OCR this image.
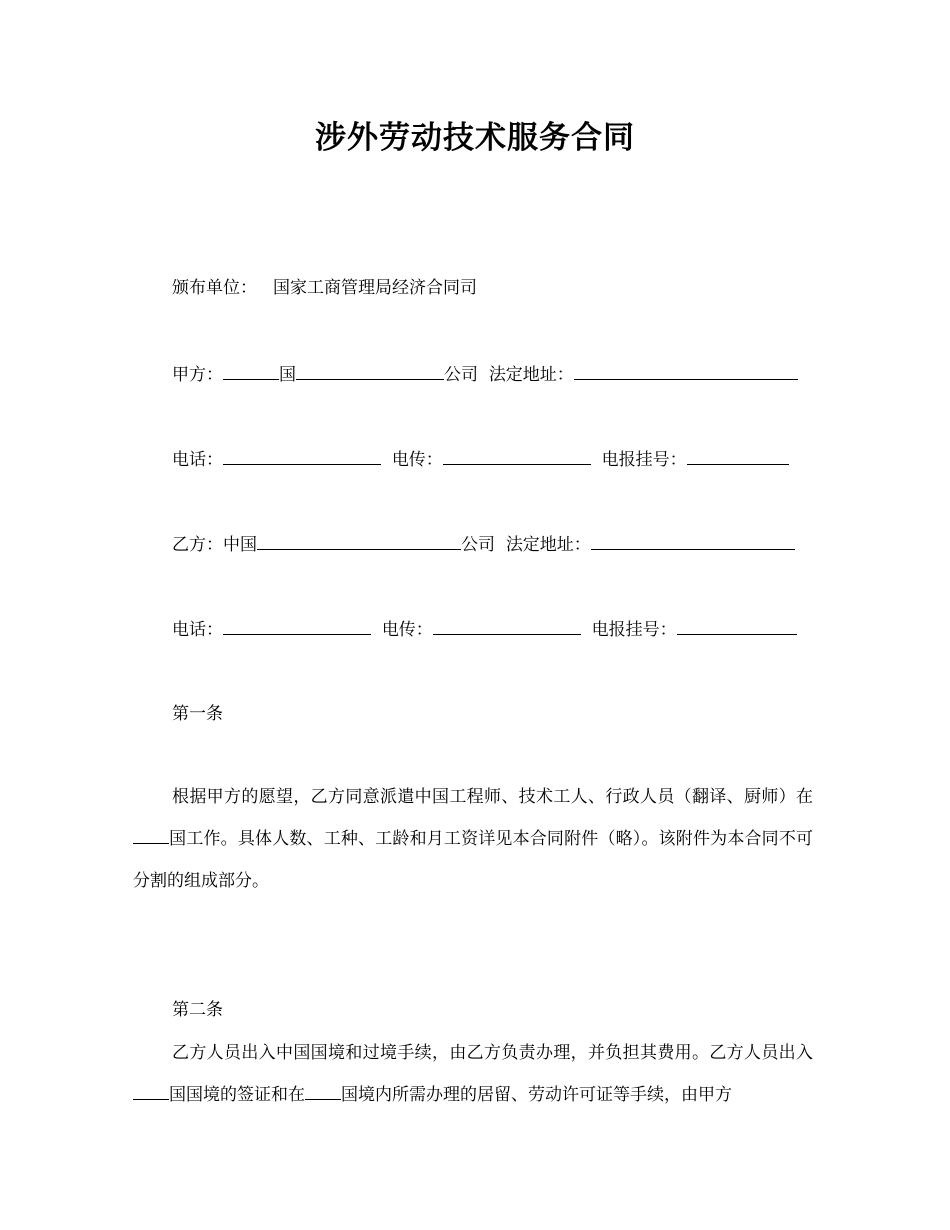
涉外劳动技术服务合同
颁布单位： 国家工商管理局经济合同司
甲方：	国	公司 法定地址：
电话：	电传：	电报挂号：
乙方：中国	公司 法定地址：
电话：	电传：	电报挂号：
第一条
根据甲方的愿望，乙方同意派遣中国工程师、技术工人、行政人员（翻译、厨师）在国工作。具体人数、工种、工龄和月工资详见本合同附件（略）。该附件为本合同不可分割的组成部分。
第二条
乙方人员出入中国国境和过境手续，由乙方负责办理，并负担其费用。乙方人员出入国国境的签证和在 国境内所需办理的居留、劳动许可证等手续，由甲方
